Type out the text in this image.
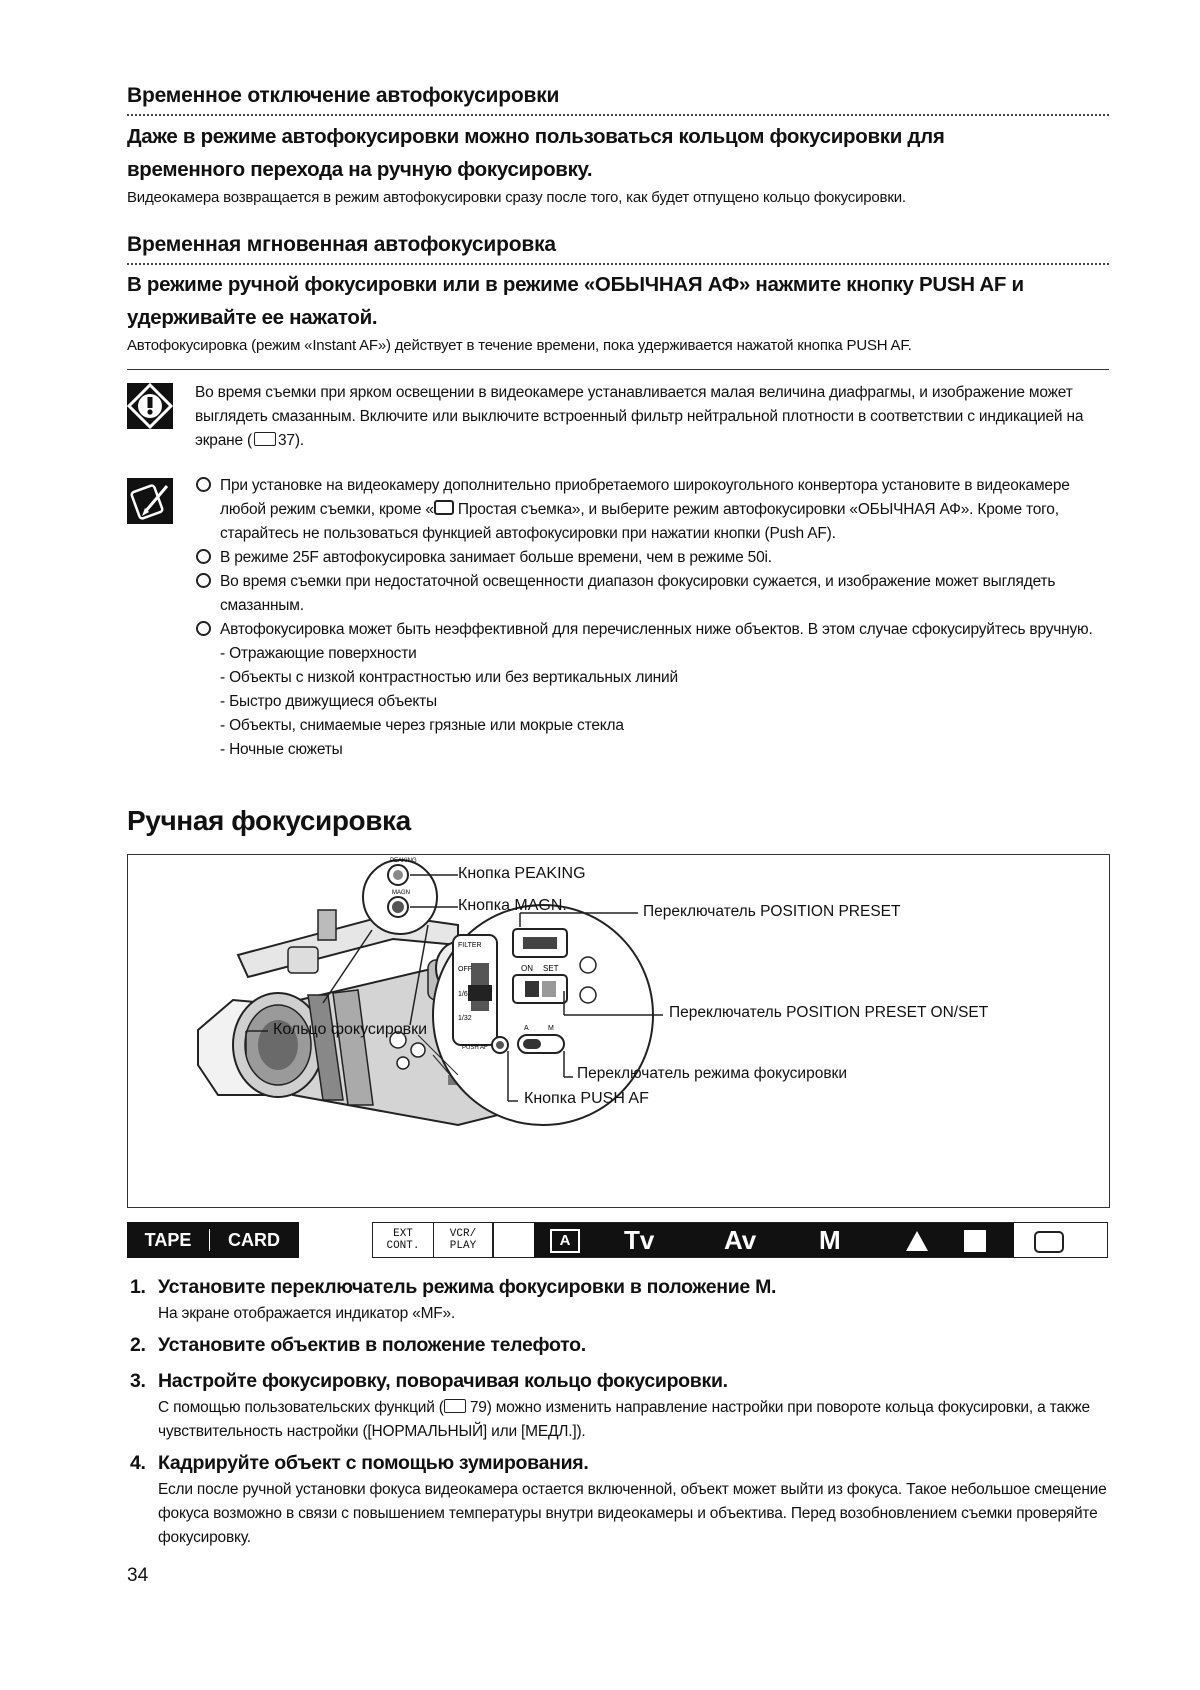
Временное отключение автофокусировки
Даже в режиме автофокусировки можно пользоваться кольцом фокусировки для временного перехода на ручную фокусировку.
Видеокамера возвращается в режим автофокусировки сразу после того, как будет отпущено кольцо фокусировки.
Временная мгновенная автофокусировка
В режиме ручной фокусировки или в режиме «ОБЫЧНАЯ АФ» нажмите кнопку PUSH AF и удерживайте ее нажатой.
Автофокусировка (режим «Instant AF») действует в течение времени, пока удерживается нажатой кнопка PUSH AF.
Во время съемки при ярком освещении в видеокамере устанавливается малая величина диафрагмы, и изображение может выглядеть смазанным. Включите или выключите встроенный фильтр нейтральной плотности в соответствии с индикацией на экране ( 37).
При установке на видеокамеру дополнительно приобретаемого широкоугольного конвертора установите в видеокамере любой режим съемки, кроме « Простая съемка», и выберите режим автофокусировки «ОБЫЧНАЯ АФ». Кроме того, старайтесь не пользоваться функцией автофокусировки при нажатии кнопки (Push AF).
В режиме 25F автофокусировка занимает больше времени, чем в режиме 50i.
Во время съемки при недостаточной освещенности диапазон фокусировки сужается, и изображение может выглядеть смазанным.
Автофокусировка может быть неэффективной для перечисленных ниже объектов. В этом случае сфокусируйтесь вручную.
- Отражающие поверхности
- Объекты с низкой контрастностью или без вертикальных линий
- Быстро движущиеся объекты
- Объекты, снимаемые через грязные или мокрые стекла
- Ночные сюжеты
Ручная фокусировка
PEAKING
MAGN
FILTER
OFF
1/6
1/32
ON SET
A	M
PUSH AF
Кнопка PEAKING
Кнопка MAGN.	Переключатель POSITION PRESET
Переключатель POSITION PRESET ON/SET
Кольцо фокусировки
Переключатель режима фокусировки
Кнопка PUSH AF
TAPE	CARD	EXT
CONT.
VCR/
PLAY	A	Tv	Av M
1. Установите переключатель режима фокусировки в положение М.
На экране отображается индикатор «MF».
2. Установите объектив в положение телефото.
3. Настройте фокусировку, поворачивая кольцо фокусировки.
С помощью пользовательских функций ( 79) можно изменить направление настройки при повороте кольца фокусировки, а также чувствительность настройки ([НОРМАЛЬНЫЙ] или [МЕДЛ.]).
4. Кадрируйте объект с помощью зумирования.
Если после ручной установки фокуса видеокамера остается включенной, объект может выйти из фокуса. Такое небольшое смещение фокуса возможно в связи с повышением температуры внутри видеокамеры и объектива. Перед возобновлением съемки проверяйте фокусировку.
34
